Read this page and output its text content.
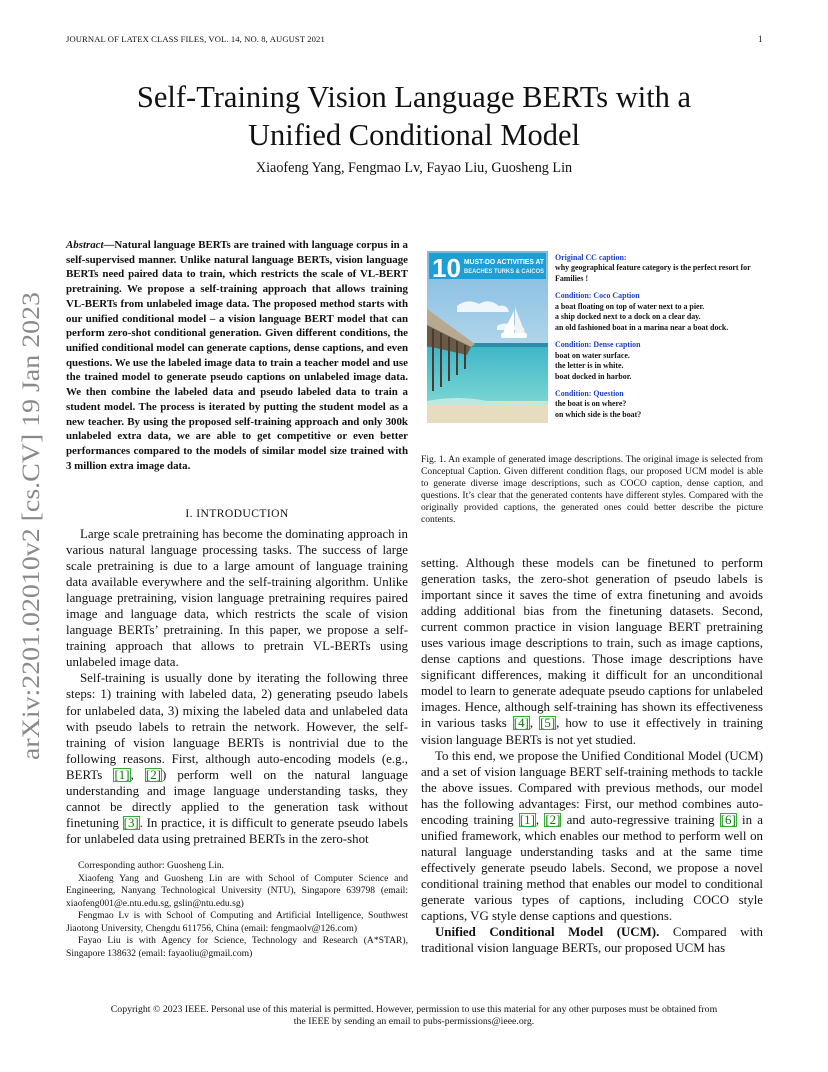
JOURNAL OF LATEX CLASS FILES, VOL. 14, NO. 8, AUGUST 2021	1
Self-Training Vision Language BERTs with a
Unified Conditional Model
Xiaofeng Yang, Fengmao Lv, Fayao Liu, Guosheng Lin
arXiv:2201.02010v2 [cs.CV] 19 Jan 2023
Abstract—Natural language BERTs are trained with language corpus in a self-supervised manner. Unlike natural language BERTs, vision language BERTs need paired data to train, which restricts the scale of VL-BERT pretraining. We propose a self-training approach that allows training VL-BERTs from unlabeled image data. The proposed method starts with our unified conditional model – a vision language BERT model that can perform zero-shot conditional generation. Given different conditions, the unified conditional model can generate captions, dense captions, and even questions. We use the labeled image data to train a teacher model and use the trained model to generate pseudo captions on unlabeled image data. We then combine the labeled data and pseudo labeled data to train a student model. The process is iterated by putting the student model as a new teacher. By using the proposed self-training approach and only 300k unlabeled extra data, we are able to get competitive or even better performances compared to the models of similar model size trained with 3 million extra image data.
I. INTRODUCTION

Large scale pretraining has become the dominating approach in various natural language processing tasks. The success of large scale pretraining is due to a large amount of language training data available everywhere and the self-training algorithm. Unlike language pretraining, vision language pretraining requires paired image and language data, which restricts the scale of vision language BERTs’ pretraining. In this paper, we propose a self-training approach that allows to pretrain VL-BERTs using unlabeled image data.

Self-training is usually done by iterating the following three steps: 1) training with labeled data, 2) generating pseudo labels for unlabeled data, 3) mixing the labeled data and unlabeled data with pseudo labels to retrain the network. However, the self-training of vision language BERTs is nontrivial due to the following reasons. First, although auto-encoding models (e.g., BERTs [1], [2]) perform well on the natural language understanding and image language understanding tasks, they cannot be directly applied to the generation task without finetuning [3]. In practice, it is difficult to generate pseudo labels for unlabeled data using pretrained BERTs in the zero-shot

Corresponding author: Guosheng Lin.

Xiaofeng Yang and Guosheng Lin are with School of Computer Science and Engineering, Nanyang Technological University (NTU), Singapore 639798 (email: xiaofeng001@e.ntu.edu.sg, gslin@ntu.edu.sg)

Fengmao Lv is with School of Computing and Artificial Intelligence, Southwest Jiaotong University, Chengdu 611756, China (email: fengmaolv@126.com)

Fayao Liu is with Agency for Science, Technology and Research (A*STAR), Singapore 138632 (email: fayaoliu@gmail.com)

10 MUST-DO ACTIVITIES AT
BEACHES TURKS & CAICOS
Original CC caption:
why geographical feature category is the perfect resort for Families !
Condition: Coco Caption
a boat floating on top of water next to a pier.
a ship docked next to a dock on a clear day.
an old fashioned boat in a marina near a boat dock.
Condition: Dense caption
boat on water surface.
the letter is in white.
boat docked in harbor.
Condition: Question
the boat is on where?
on which side is the boat?
Fig. 1. An example of generated image descriptions. The original image is selected from Conceptual Caption. Given different condition flags, our proposed UCM model is able to generate diverse image descriptions, such as COCO caption, dense caption, and questions. It’s clear that the generated contents have different styles. Compared with the originally provided captions, the generated ones could better describe the picture contents.

setting. Although these models can be finetuned to perform generation tasks, the zero-shot generation of pseudo labels is important since it saves the time of extra finetuning and avoids adding additional bias from the finetuning datasets. Second, current common practice in vision language BERT pretraining uses various image descriptions to train, such as image captions, dense captions and questions. Those image descriptions have significant differences, making it difficult for an unconditional model to learn to generate adequate pseudo captions for unlabeled images. Hence, although self-training has shown its effectiveness in various tasks [4], [5], how to use it effectively in training vision language BERTs is not yet studied.

To this end, we propose the Unified Conditional Model (UCM) and a set of vision language BERT self-training methods to tackle the above issues. Compared with previous methods, our model has the following advantages: First, our method combines auto-encoding training [1], [2] and auto-regressive training [6] in a unified framework, which enables our method to perform well on natural language understanding tasks and at the same time effectively generate pseudo labels. Second, we propose a novel conditional training method that enables our model to conditional generate various types of captions, including COCO style captions, VG style dense captions and questions.

Unified Conditional Model (UCM). Compared with traditional vision language BERTs, our proposed UCM has

Copyright © 2023 IEEE. Personal use of this material is permitted. However, permission to use this material for any other purposes must be obtained from
the IEEE by sending an email to pubs-permissions@ieee.org.
